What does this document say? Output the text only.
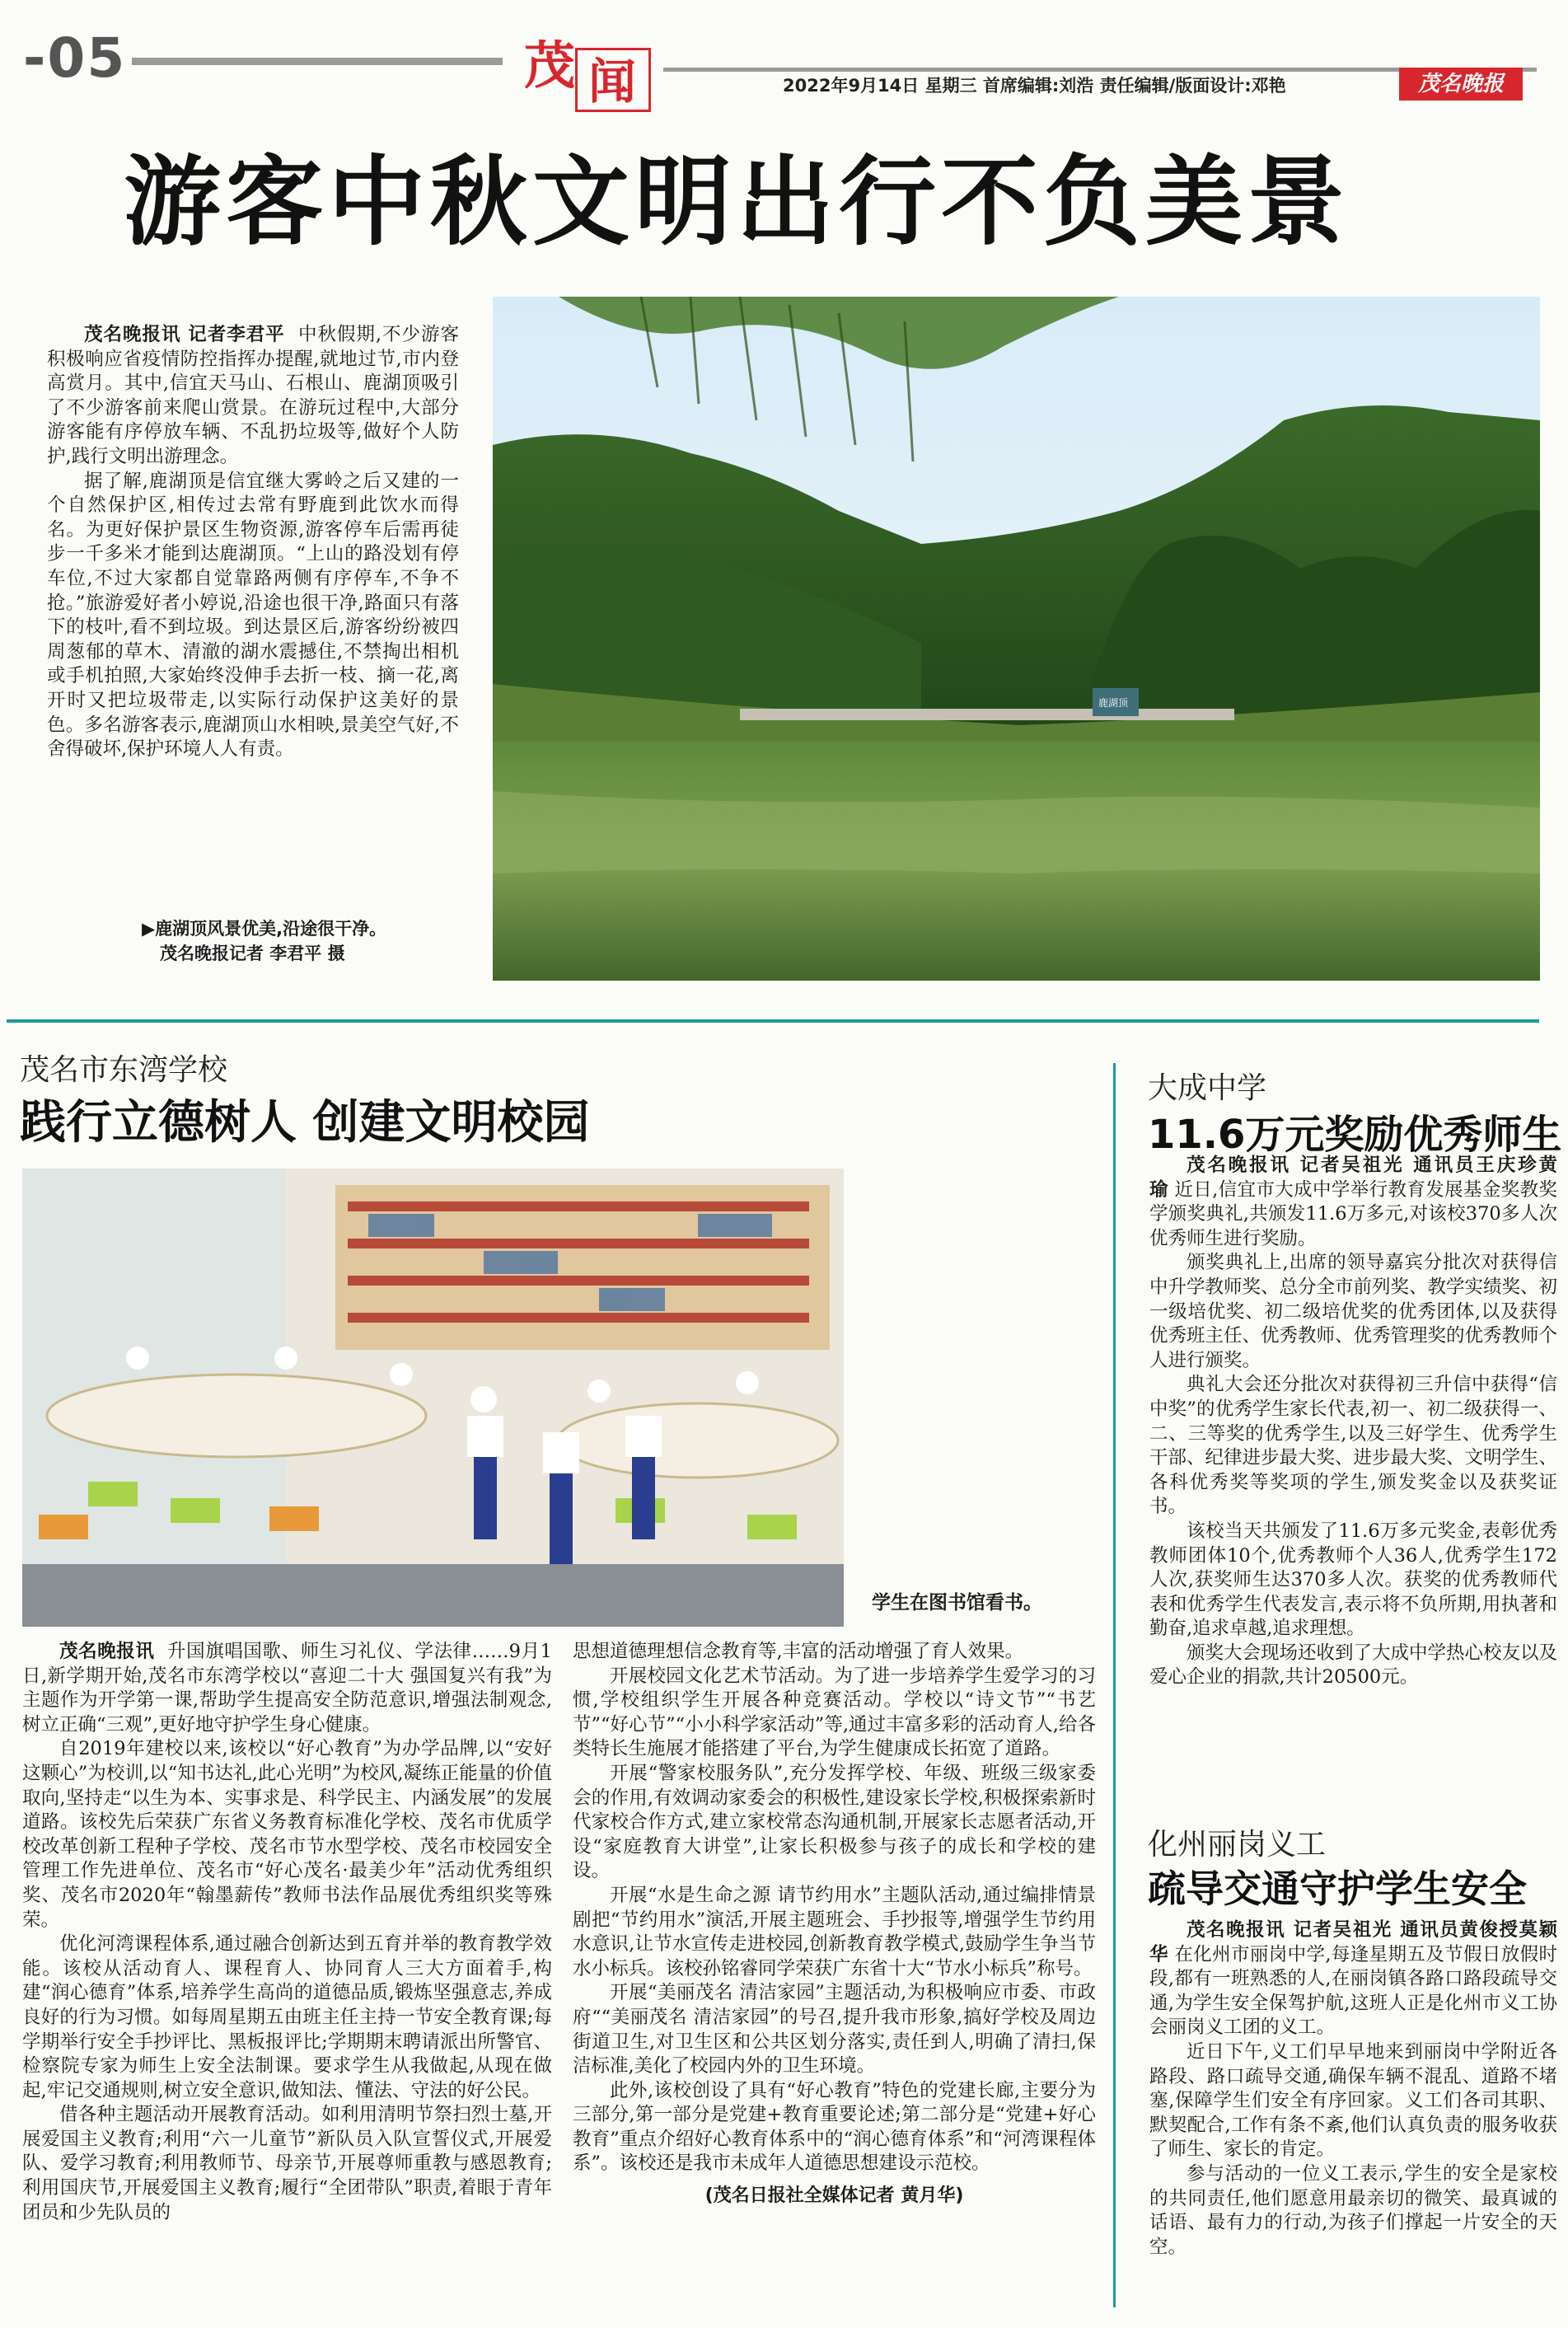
-05	茂 闻	2022年9月14日 星期三 首席编辑:刘浩 责任编辑/版面设计:邓艳	茂名晚报
游客中秋文明出行不负美景

茂名晚报讯 记者李君平 中秋假期,不少游客积极响应省疫情防控指挥办提醒,就地过节,市内登高赏月。其中,信宜天马山、石根山、鹿湖顶吸引了不少游客前来爬山赏景。在游玩过程中,大部分游客能有序停放车辆、不乱扔垃圾等,做好个人防护,践行文明出游理念。

据了解,鹿湖顶是信宜继大雾岭之后又建的一个自然保护区,相传过去常有野鹿到此饮水而得名。为更好保护景区生物资源,游客停车后需再徒步一千多米才能到达鹿湖顶。“上山的路没划有停车位,不过大家都自觉靠路两侧有序停车,不争不抢。”旅游爱好者小婷说,沿途也很干净,路面只有落下的枝叶,看不到垃圾。到达景区后,游客纷纷被四周葱郁的草木、清澈的湖水震撼住,不禁掏出相机或手机拍照,大家始终没伸手去折一枝、摘一花,离开时又把垃圾带走,以实际行动保护这美好的景色。多名游客表示,鹿湖顶山水相映,景美空气好,不舍得破坏,保护环境人人有责。

▶鹿湖顶风景优美,沿途很干净。
茂名晚报记者 李君平 摄
鹿湖顶
茂名市东湾学校
践行立德树人 创建文明校园
学生在图书馆看书。

茂名晚报讯 升国旗唱国歌、师生习礼仪、学法律……9月1日,新学期开始,茂名市东湾学校以“喜迎二十大 强国复兴有我”为主题作为开学第一课,帮助学生提高安全防范意识,增强法制观念,树立正确“三观”,更好地守护学生身心健康。

自2019年建校以来,该校以“好心教育”为办学品牌,以“安好这颗心”为校训,以“知书达礼,此心光明”为校风,凝练正能量的价值取向,坚持走“以生为本、实事求是、科学民主、内涵发展”的发展道路。该校先后荣获广东省义务教育标准化学校、茂名市优质学校改革创新工程种子学校、茂名市节水型学校、茂名市校园安全管理工作先进单位、茂名市“好心茂名·最美少年”活动优秀组织奖、茂名市2020年“翰墨薪传”教师书法作品展优秀组织奖等殊荣。

优化河湾课程体系,通过融合创新达到五育并举的教育教学效能。该校从活动育人、课程育人、协同育人三大方面着手,构建“润心德育”体系,培养学生高尚的道德品质,锻炼坚强意志,养成良好的行为习惯。如每周星期五由班主任主持一节安全教育课;每学期举行安全手抄评比、黑板报评比;学期期末聘请派出所警官、检察院专家为师生上安全法制课。要求学生从我做起,从现在做起,牢记交通规则,树立安全意识,做知法、懂法、守法的好公民。

借各种主题活动开展教育活动。如利用清明节祭扫烈士墓,开展爱国主义教育;利用“六一儿童节”新队员入队宣誓仪式,开展爱队、爱学习教育;利用教师节、母亲节,开展尊师重教与感恩教育;利用国庆节,开展爱国主义教育;履行“全团带队”职责,着眼于青年团员和少先队员的

思想道德理想信念教育等,丰富的活动增强了育人效果。

开展校园文化艺术节活动。为了进一步培养学生爱学习的习惯,学校组织学生开展各种竞赛活动。学校以“诗文节”“书艺节”“好心节”“小小科学家活动”等,通过丰富多彩的活动育人,给各类特长生施展才能搭建了平台,为学生健康成长拓宽了道路。

开展“警家校服务队”,充分发挥学校、年级、班级三级家委会的作用,有效调动家委会的积极性,建设家长学校,积极探索新时代家校合作方式,建立家校常态沟通机制,开展家长志愿者活动,开设“家庭教育大讲堂”,让家长积极参与孩子的成长和学校的建设。

开展“水是生命之源 请节约用水”主题队活动,通过编排情景剧把“节约用水”演活,开展主题班会、手抄报等,增强学生节约用水意识,让节水宣传走进校园,创新教育教学模式,鼓励学生争当节水小标兵。该校孙铭睿同学荣获广东省十大“节水小标兵”称号。

开展“美丽茂名 清洁家园”主题活动,为积极响应市委、市政府““美丽茂名 清洁家园”的号召,提升我市形象,搞好学校及周边街道卫生,对卫生区和公共区划分落实,责任到人,明确了清扫,保洁标准,美化了校园内外的卫生环境。

此外,该校创设了具有“好心教育”特色的党建长廊,主要分为三部分,第一部分是党建+教育重要论述;第二部分是“党建+好心教育”重点介绍好心教育体系中的“润心德育体系”和“河湾课程体系”。该校还是我市未成年人道德思想建设示范校。

(茂名日报社全媒体记者 黄月华)
大成中学
11.6万元奖励优秀师生

茂名晚报讯 记者吴祖光 通讯员王庆珍黄瑜 近日,信宜市大成中学举行教育发展基金奖教奖学颁奖典礼,共颁发11.6万多元,对该校370多人次优秀师生进行奖励。

颁奖典礼上,出席的领导嘉宾分批次对获得信中升学教师奖、总分全市前列奖、教学实绩奖、初一级培优奖、初二级培优奖的优秀团体,以及获得优秀班主任、优秀教师、优秀管理奖的优秀教师个人进行颁奖。

典礼大会还分批次对获得初三升信中获得“信中奖”的优秀学生家长代表,初一、初二级获得一、二、三等奖的优秀学生,以及三好学生、优秀学生干部、纪律进步最大奖、进步最大奖、文明学生、各科优秀奖等奖项的学生,颁发奖金以及获奖证书。

该校当天共颁发了11.6万多元奖金,表彰优秀教师团体10个,优秀教师个人36人,优秀学生172人次,获奖师生达370多人次。获奖的优秀教师代表和优秀学生代表发言,表示将不负所期,用执著和勤奋,追求卓越,追求理想。

颁奖大会现场还收到了大成中学热心校友以及爱心企业的捐款,共计20500元。

化州丽岗义工
疏导交通守护学生安全

茂名晚报讯 记者吴祖光 通讯员黄俊授莫颖华 在化州市丽岗中学,每逢星期五及节假日放假时段,都有一班熟悉的人,在丽岗镇各路口路段疏导交通,为学生安全保驾护航,这班人正是化州市义工协会丽岗义工团的义工。

近日下午,义工们早早地来到丽岗中学附近各路段、路口疏导交通,确保车辆不混乱、道路不堵塞,保障学生们安全有序回家。义工们各司其职、默契配合,工作有条不紊,他们认真负责的服务收获了师生、家长的肯定。

参与活动的一位义工表示,学生的安全是家校的共同责任,他们愿意用最亲切的微笑、最真诚的话语、最有力的行动,为孩子们撑起一片安全的天空。
